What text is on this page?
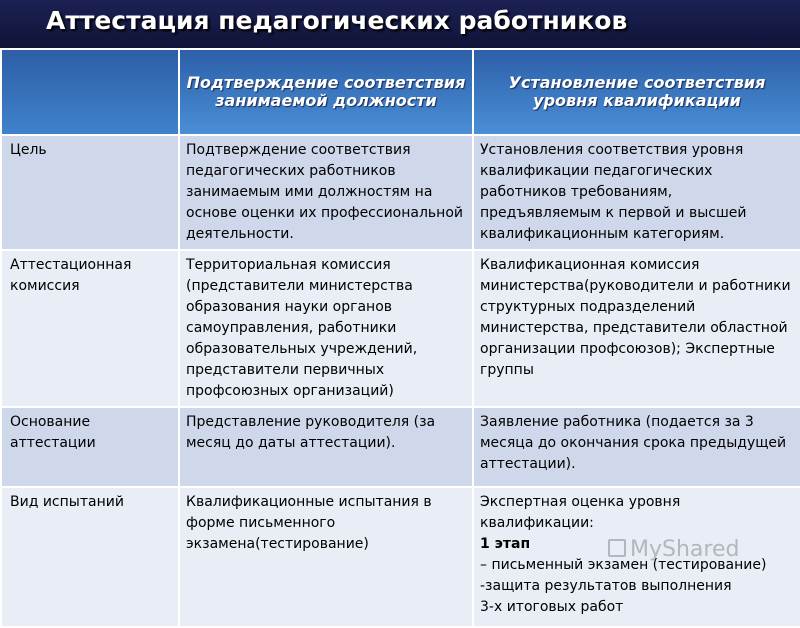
Аттестация педагогических работников
	Подтверждение соответствия занимаемой должности	Установление соответствия уровня квалификации
Цель	Подтверждение соответствия педагогических работников занимаемым ими должностям на основе оценки их профессиональной деятельности.	Установления соответствия уровня квалификации педагогических работников требованиям, предъявляемым к первой и высшей квалификационным категориям.
Аттестационная комиссия	Территориальная комиссия (представители министерства образования науки органов самоуправления, работники образовательных учреждений, представители первичных профсоюзных организаций)	Квалификационная комиссия министерства(руководители и работники структурных подразделений министерства, представители областной организации профсоюзов); Экспертные группы
Основание аттестации	Представление руководителя (за месяц до даты аттестации).	Заявление работника (подается за 3 месяца до окончания срока предыдущей аттестации).
Вид испытаний	Квалификационные испытания в форме письменного экзамена(тестирование)	Экспертная оценка уровня квалификации:
1 этап
– письменный экзамен (тестирование)
-защита результатов выполнения
3-х итоговых работ
MyShared
